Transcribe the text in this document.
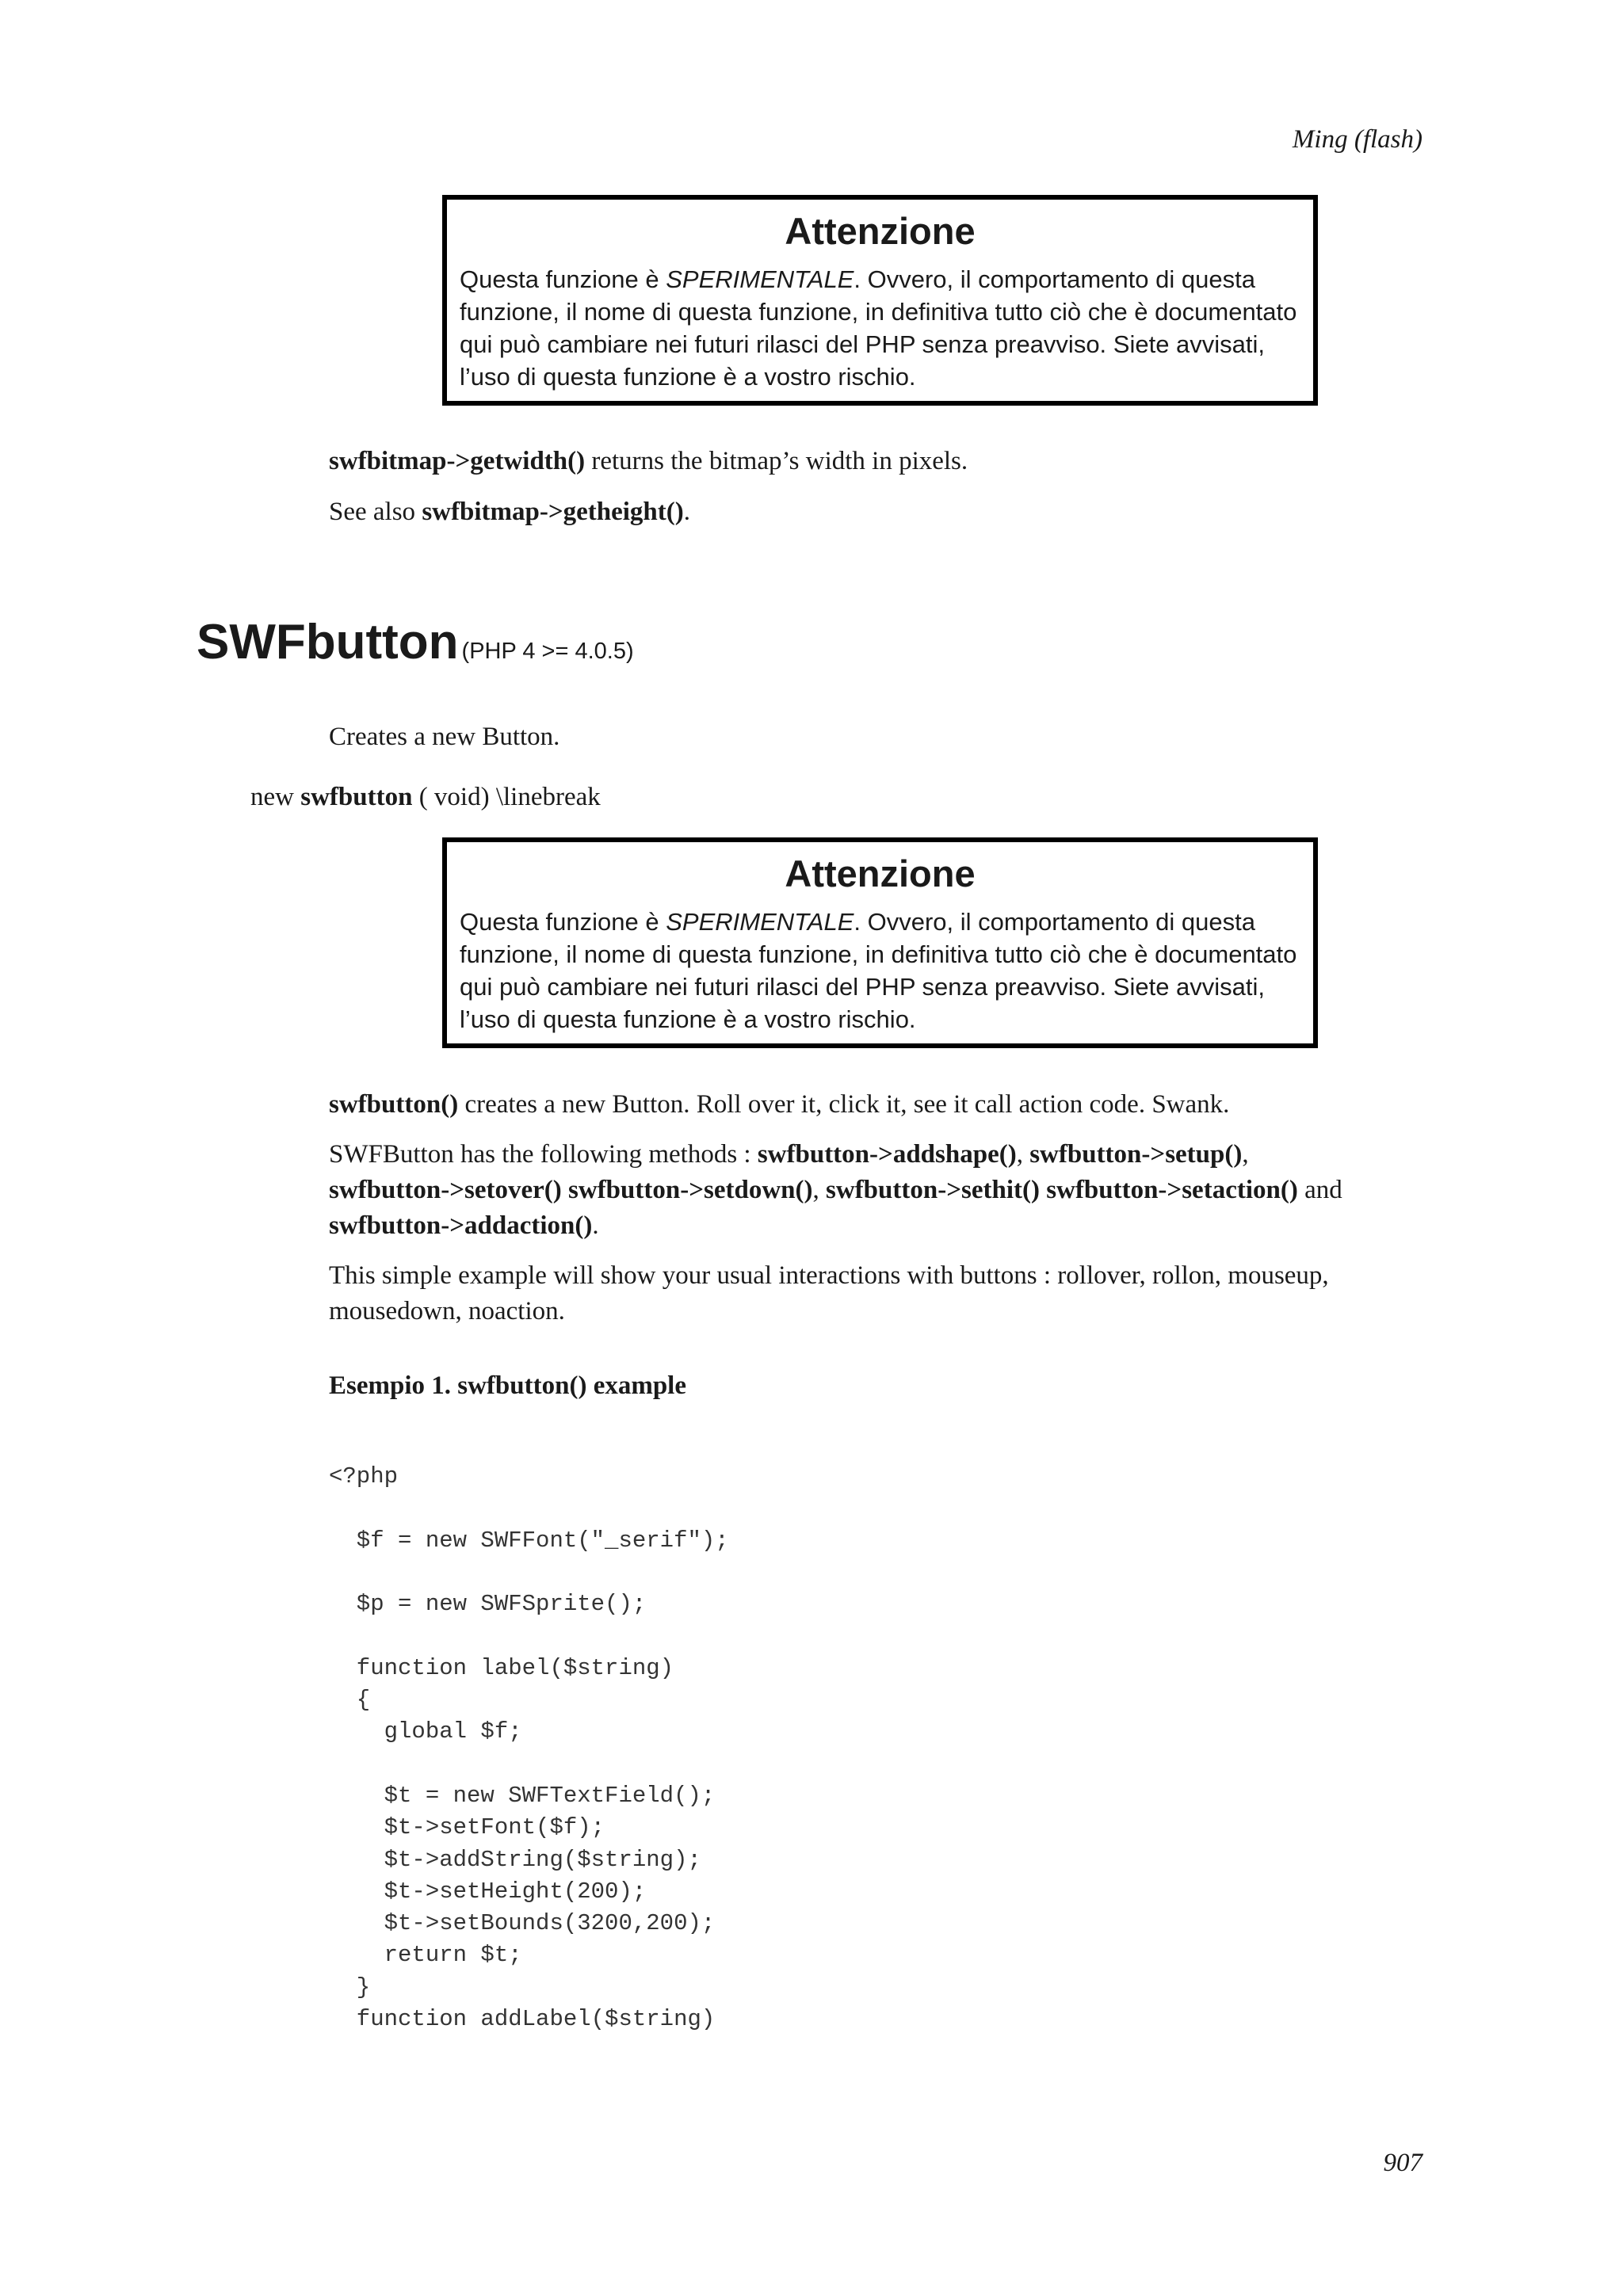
Ming (flash)
Attenzione

Questa funzione è SPERIMENTALE. Ovvero, il comportamento di questa funzione, il nome di questa funzione, in definitiva tutto ciò che è documentato qui può cambiare nei futuri rilasci del PHP senza preavviso. Siete avvisati, l’uso di questa funzione è a vostro rischio.

swfbitmap->getwidth() returns the bitmap’s width in pixels.

See also swfbitmap->getheight().

SWFbutton (PHP 4 >= 4.0.5)

Creates a new Button.

new swfbutton ( void) \linebreak

Attenzione

Questa funzione è SPERIMENTALE. Ovvero, il comportamento di questa funzione, il nome di questa funzione, in definitiva tutto ciò che è documentato qui può cambiare nei futuri rilasci del PHP senza preavviso. Siete avvisati, l’uso di questa funzione è a vostro rischio.

swfbutton() creates a new Button. Roll over it, click it, see it call action code. Swank.

SWFButton has the following methods : swfbutton->addshape(), swfbutton->setup(),
swfbutton->setover() swfbutton->setdown(), swfbutton->sethit() swfbutton->setaction() and
swfbutton->addaction().

This simple example will show your usual interactions with buttons : rollover, rollon, mouseup, mousedown, noaction.

Esempio 1. swfbutton() example

<?php

$f = new SWFFont("_serif");

$p = new SWFSprite();

function label($string)
{
global $f;

$t = new SWFTextField();
$t->setFont($f);
$t->addString($string);
$t->setHeight(200);
$t->setBounds(3200,200);
return $t;
}
function addLabel($string)
907
